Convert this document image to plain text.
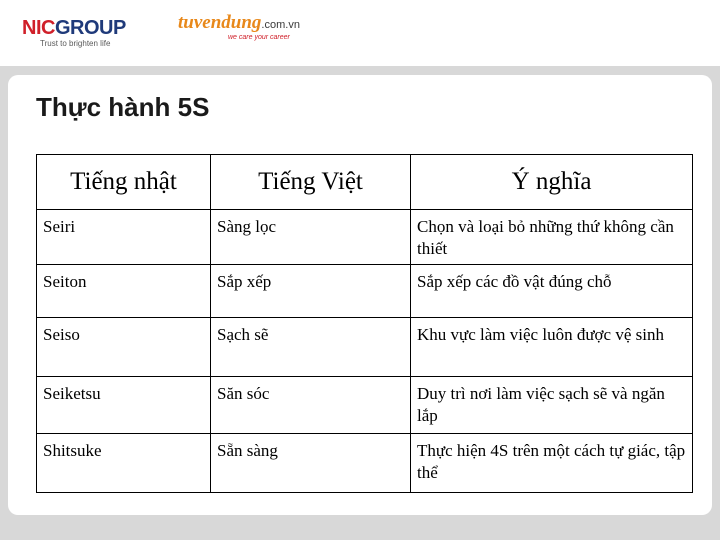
NICGROUP
Trust to brighten life
tuvendung.com.vn
we care your career
Thực hành 5S
Tiếng nhật	Tiếng Việt	Ý nghĩa
Seiri	Sàng lọc	Chọn và loại bỏ những thứ không cần thiết
Seiton	Sắp xếp	Sắp xếp các đồ vật đúng chỗ
Seiso	Sạch sẽ	Khu vực làm việc luôn được vệ sinh
Seiketsu	Săn sóc	Duy trì nơi làm việc sạch sẽ và ngăn lắp
Shitsuke	Sẵn sàng	Thực hiện 4S trên một cách tự giác, tập thể
